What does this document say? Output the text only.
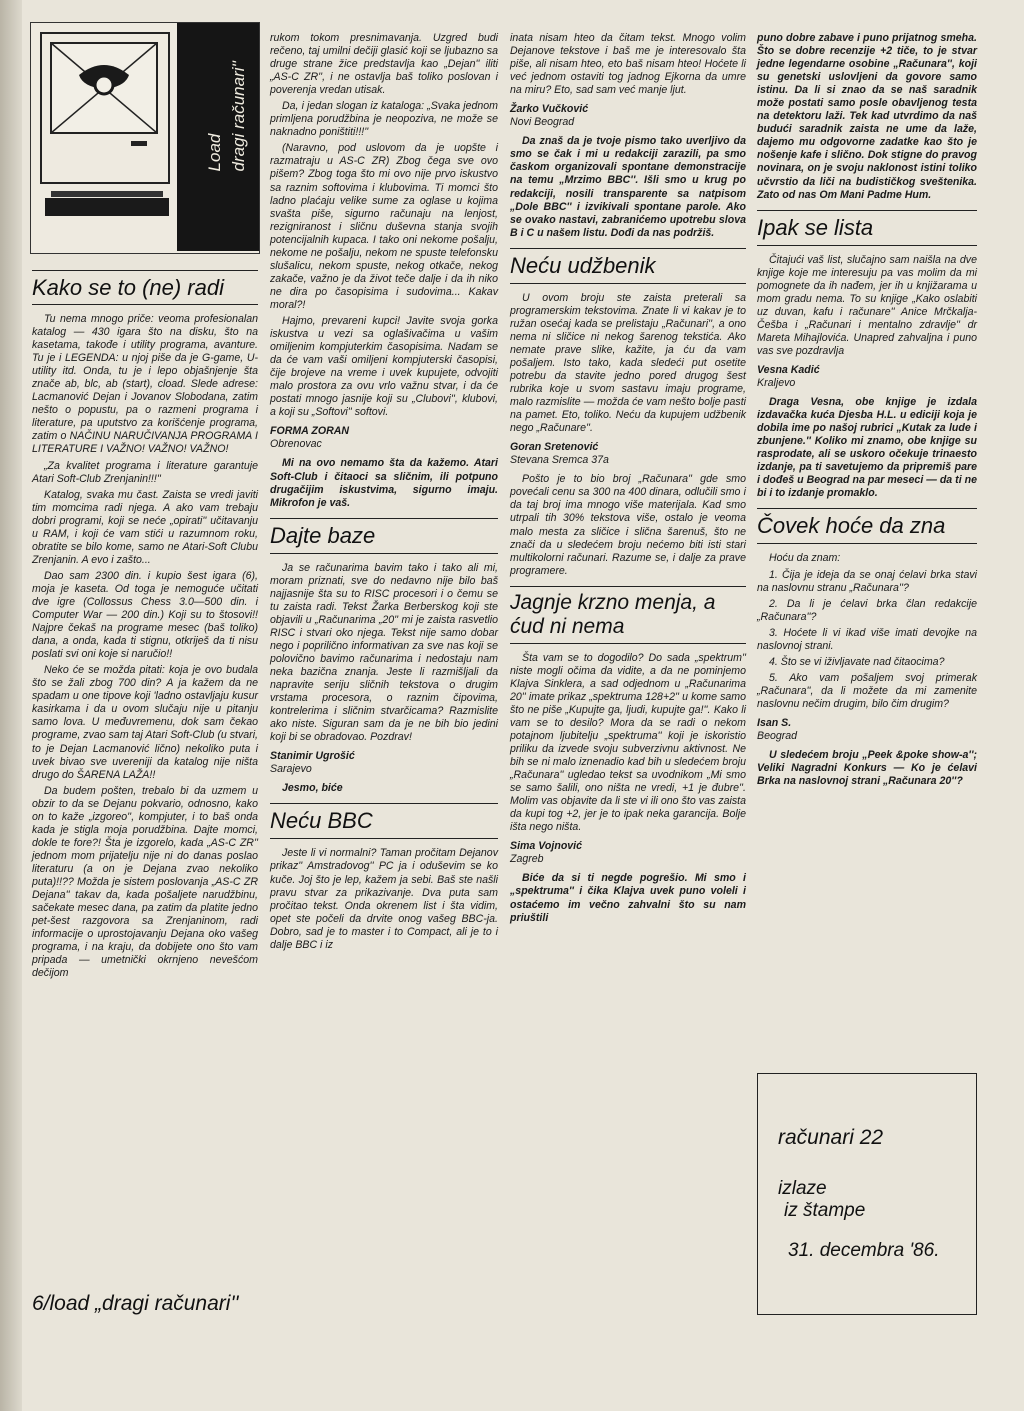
Load dragi računari''
Kako se to (ne) radi

Tu nema mnogo priče: veoma profesionalan katalog — 430 igara što na disku, što na kasetama, takođe i utility programa, avanture. Tu je i LEGENDA: u njoj piše da je G-game, U-utility itd. Onda, tu je i lepo objašnjenje šta znače ab, blc, ab (start), cload. Slede adrese: Lacmanović Dejan i Jovanov Slobodana, zatim nešto o popustu, pa o razmeni programa i literature, pa uputstvo za korišćenje programa, zatim o NAČINU NARUČIVANJA PROGRAMA I LITERATURE I VAŽNO! VAŽNO! VAŽNO!

„Za kvalitet programa i literature garantuje Atari Soft-Club Zrenjanin!!!''

Katalog, svaka mu čast. Zaista se vredi javiti tim momcima radi njega. A ako vam trebaju dobri programi, koji se neće „opirati'' učitavanju u RAM, i koji će vam stići u razumnom roku, obratite se bilo kome, samo ne Atari-Soft Clubu Zrenjanin. A evo i zašto...

Dao sam 2300 din. i kupio šest igara (6), moja je kaseta. Od toga je nemoguće učitati dve igre (Collossus Chess 3.0—500 din. i Computer War — 200 din.) Koji su to štosovi!! Najpre čekaš na programe mesec (baš toliko) dana, a onda, kada ti stignu, otkriješ da ti nisu poslati svi oni koje si naručio!!

Neko će se možda pitati: koja je ovo budala što se žali zbog 700 din? A ja kažem da ne spadam u one tipove koji 'ladno ostavljaju kusur kasirkama i da u ovom slučaju nije u pitanju samo lova. U međuvremenu, dok sam čekao programe, zvao sam taj Atari Soft-Club (u stvari, to je Dejan Lacmanović lično) nekoliko puta i uvek bivao sve uvereniji da katalog nije ništa drugo do ŠARENA LAŽA!!

Da budem pošten, trebalo bi da uzmem u obzir to da se Dejanu pokvario, odnosno, kako on to kaže „izgoreo'', kompjuter, i to baš onda kada je stigla moja porudžbina. Dajte momci, dokle te fore?! Šta je izgorelo, kada „AS-C ZR'' jednom mom prijatelju nije ni do danas poslao literaturu (a on je Dejana zvao nekoliko puta)!!?? Možda je sistem poslovanja „AS-C ZR Dejana'' takav da, kada pošaljete narudžbinu, sačekate mesec dana, pa zatim da platite jedno pet-šest razgovora sa Zrenjaninom, radi informacije o uprostojavanju Dejana oko vašeg programa, i na kraju, da dobijete ono što vam pripada — umetnički okrnjeno nevešćom dečijom

6/load „dragi računari''

rukom tokom presnimavanja. Uzgred budi rečeno, taj umilni dečiji glasić koji se ljubazno sa druge strane žice predstavlja kao „Dejan'' iliti „AS-C ZR'', i ne ostavlja baš toliko poslovan i poverenja vredan utisak.

Da, i jedan slogan iz kataloga: „Svaka jednom primljena porudžbina je neopoziva, ne može se naknadno poništiti!!!''

(Naravno, pod uslovom da je uopšte i razmatraju u AS-C ZR) Zbog čega sve ovo pišem? Zbog toga što mi ovo nije prvo iskustvo sa raznim softovima i klubovima. Ti momci što ladno plaćaju velike sume za oglase u kojima svašta piše, sigurno računaju na lenjost, rezigniranost i sličnu duševna stanja svojih potencijalnih kupaca. I tako oni nekome pošalju, nekome ne pošalju, nekom ne spuste telefonsku slušalicu, nekom spuste, nekog otkače, nekog zakače, važno je da život teče dalje i da ih niko ne dira po časopisima i sudovima... Kakav moral?!

Hajmo, prevareni kupci! Javite svoja gorka iskustva u vezi sa oglašivačima u vašim omiljenim kompjuterkim časopisima. Nadam se da će vam vaši omiljeni kompjuterski časopisi, čije brojeve na vreme i uvek kupujete, odvojiti malo prostora za ovu vrlo važnu stvar, i da će postati mnogo jasnije koji su „Clubovi'', klubovi, a koji su „Softovi'' softovi.

FORMA ZORAN

Obrenovac

Mi na ovo nemamo šta da kažemo. Atari Soft-Club i čitaoci sa sličnim, ili potpuno drugačijim iskustvima, sigurno imaju. Mikrofon je vaš.

Dajte baze

Ja se računarima bavim tako i tako ali mi, moram priznati, sve do nedavno nije bilo baš najjasnije šta su to RISC procesori i o čemu se tu zaista radi. Tekst Žarka Berberskog koji ste objavili u „Računarima „20'' mi je zaista rasvetlio RISC i stvari oko njega. Tekst nije samo dobar nego i popriličnо informativan za sve nas koji se polovično bavimo računarima i nedostaju nam neka bazična znanja. Jeste li razmišljali da napravite seriju sličnih tekstova o drugim vrstama procesora, o raznim čipovima, kontrelerima i sličnim stvarčicama? Razmislite ako niste. Siguran sam da je ne bih bio jedini koji bi se obradovao. Pozdrav!

Stanimir Ugrošić

Sarajevo

Jesmo, bićе

Neću BBC

Jeste li vi normalni? Taman pročitam Dejanov prikaz'' Amstradovog'' PC ja i oduševim se ko kuče. Joj što je lep, kažem ja sebi. Baš ste našli pravu stvar za prikazivanje. Dva puta sam pročitao tekst. Onda okrenem list i šta vidim, opet ste počeli da drvite onog vašeg BBC-ja. Dobro, sad je to master i to Compact, ali je to i dalje BBC i iz

inata nisam hteo da čitam tekst. Mnogo volim Dejanove tekstove i baš me je interesovalo šta piše, ali nisam hteo, eto baš nisam hteo! Hoćete li već jednom ostaviti tog jadnog Ejkorna da umre na miru? Eto, sad sam već manje ljut.

Žarko Vučković

Novi Beograd

Da znaš da je tvoje pismo tako uverljivo da smo se čak i mi u redakciji zarazili, pa smo časkom organizovali spontane demonstracije na temu „Mrzimo BBC''. Išli smo u krug po redakciji, nosili transparente sa natpisom „Dole BBC'' i izvikivali spontane parole. Ako se ovako nastavi, zabranićemo upotrebu slova B i C u našem listu. Dođi da nas podržiš.

Neću udžbenik

U ovom broju ste zaista preterali sa programerskim tekstovima. Znate li vi kakav je to ružan osećaj kada se prelistaju „Računari'', a ono nema ni sličice ni nekog šarenog tekstića. Ako nemate prave slike, kažite, ja ću da vam pošaljem. Isto tako, kada sledeći put osetite potrebu da stavite jedno pored drugog šest rubrika koje u svom sastavu imaju programe, malo razmislite — možda će vam nešto bolje pasti na pamet. Eto, toliko. Neću da kupujem udžbenik nego „Računare''.

Goran Sretenović

Stevana Sremca 37a

Pošto je to bio broj „Računara'' gde smo povećali cenu sa 300 na 400 dinara, odlučili smo i da taj broj ima mnogo više materijala. Kad smo utrpali tih 30% tekstova više, ostalo je veoma malo mesta za sličice i slična šarenиš, što ne znači da u sledećem broju nećemo biti isti stari multikolorni računari. Razume se, i dalje za prave programere.

Jagnje krzno menja, a ćud ni nema

Šta vam se to dogodilo? Do sada „spektrum'' niste mogli očima da vidite, a da ne pominjemo Klajva Sinklera, a sad odjednom u „Računarima 20'' imate prikaz „spektruma 128+2'' u kome samo što ne piše „Kupujte ga, ljudi, kupujte ga!''. Kako li vam se to desilo? Mora da se radi o nekom potajnom ljubitelju „spektruma'' koji je iskoristio priliku da izvede svoju subverzivnu aktivnost. Ne bih se ni malo iznenadio kad bih u sledećem broju „Računara'' ugledao tekst sa uvodnikom „Mi smo se samo šalili, ono ništa ne vredi, +1 je đubre''. Molim vas objavite da li ste vi ili ono što vas zaista da kupi tog +2, jer je to ipak neka garancija. Bolje išta nego ništa.

Sima Vojnović

Zagreb

Biće da si ti negde pogrešio. Mi smo i „spektruma'' i čika Klajva uvek puno voleli i ostaćemo im večno zahvalni što su nam priuštili

puno dobre zabave i puno prijatnog smeha. Što se dobre recenzije +2 tiče, to je stvar jedne legendarne osobine „Računara'', koji su genetski uslovljeni da govore samo istinu. Da li si znao da se naš saradnik može postati samo posle obavljenog testa na detektoru laži. Tek kad utvrdimo da naš budući saradnik zaista ne ume da laže, dajemo mu odgovorne zadatke kao što je nošenje kafe i slično. Dok stigne do pravog novinara, on je svoju naklonost istini toliko učvrstio da liči na budističkog sveštenika. Zato od nas Om Mani Padme Hum.

Ipak se lista

Čitajući vaš list, slučajno sam naišla na dve knjige koje me interesuju pa vas molim da mi pomognete da ih nađem, jer ih u knjižarama u mom gradu nema. To su knjige „Kako oslabiti uz duvan, kafu i računare'' Anice Mrčkalja-Češba i „Računari i mentalno zdravlje'' dr Mareta Mihajlovića. Unapred zahvaljna i puno vas sve pozdravlja

Vesna Kadić

Kraljevo

Draga Vesna, obe knjige je izdala izdavačka kuća Djesba H.L. u ediciji koja je dobila ime po našoj rubrici „Kutak za lude i zbunjene.'' Koliko mi znamo, obe knjige su rasprodate, ali se uskoro očekuje trinaesto izdanje, pa ti savetujemo da pripremiš pare i dođeš u Beograd na par meseci — da ti ne bi i to izdanje promaklo.

Čovek hoće da zna

Hoću da znam:

1. Čija je ideja da se onaj ćelavi brka stavi na naslovnu stranu „Računara''?

2. Da li je ćelavi brka član redakcije „Računara''?

3. Hoćete li vi ikad više imati devojke na naslovnoj strani.

4. Što se vi iživljavate nad čitaocima?

5. Ako vam pošaljem svoj primerak „Računara'', da li možete da mi zamenite naslovnu nečim drugim, bilo čim drugim?

Isan S.

Beograd

U sledećem broju „Peek &poke show-a''; Veliki Nagradni Konkurs — Ko je ćelavi Brka na naslovnoj strani „Računara 20''?

računari 22
izlaze
iz štampe
31. decembra '86.
